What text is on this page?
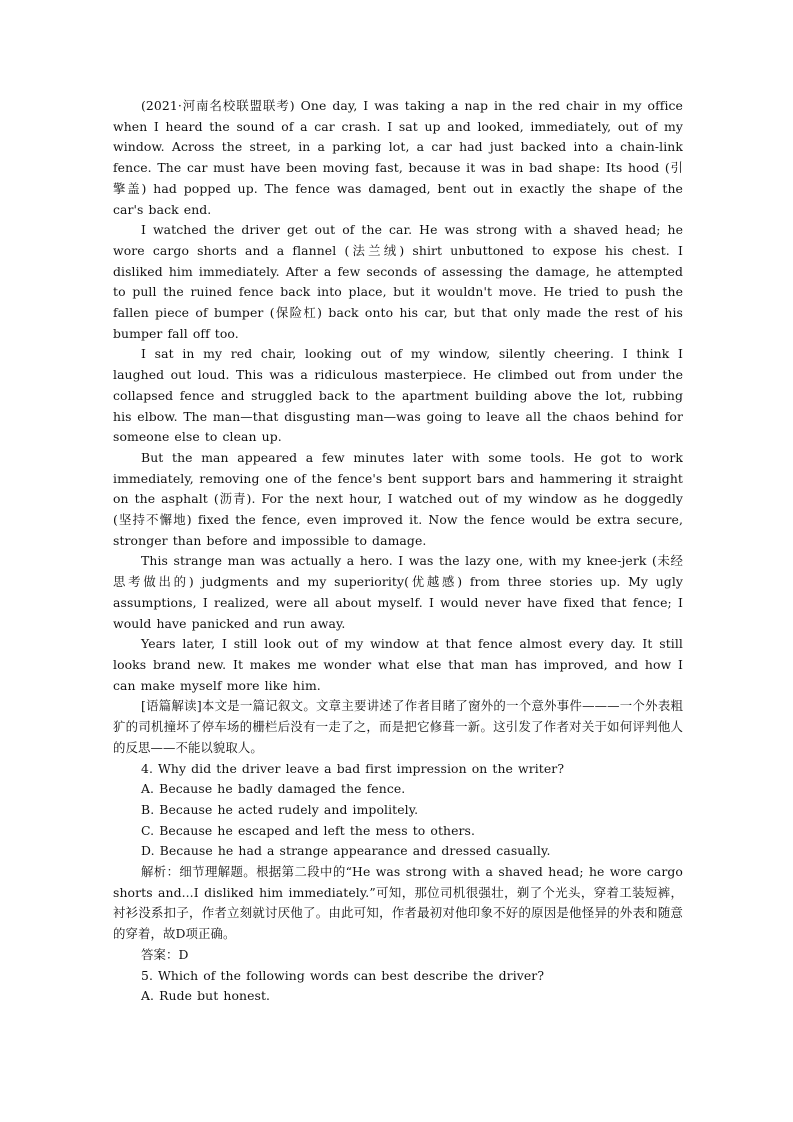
(2021·河南名校联盟联考) One day, I was taking a nap in the red chair in my office when I heard the sound of a car crash. I sat up and looked, immediately, out of my window. Across the street, in a parking lot, a car had just backed into a chain-link fence. The car must have been moving fast, because it was in bad shape: Its hood (引擎盖) had popped up. The fence was damaged, bent out in exactly the shape of the car's back end.

I watched the driver get out of the car. He was strong with a shaved head; he wore cargo shorts and a flannel (法兰绒) shirt unbuttoned to expose his chest. I disliked him immediately. After a few seconds of assessing the damage, he attempted to pull the ruined fence back into place, but it wouldn't move. He tried to push the fallen piece of bumper (保险杠) back onto his car, but that only made the rest of his bumper fall off too.

I sat in my red chair, looking out of my window, silently cheering. I think I laughed out loud. This was a ridiculous masterpiece. He climbed out from under the collapsed fence and struggled back to the apartment building above the lot, rubbing his elbow. The man—that disgusting man—was going to leave all the chaos behind for someone else to clean up.

But the man appeared a few minutes later with some tools. He got to work immediately, removing one of the fence's bent support bars and hammering it straight on the asphalt (沥青). For the next hour, I watched out of my window as he doggedly (坚持不懈地) fixed the fence, even improved it. Now the fence would be extra secure, stronger than before and impossible to damage.

This strange man was actually a hero. I was the lazy one, with my knee-jerk (未经思考做出的) judgments and my superiority(优越感) from three stories up. My ugly assumptions, I realized, were all about myself. I would never have fixed that fence; I would have panicked and run away.

Years later, I still look out of my window at that fence almost every day. It still looks brand new. It makes me wonder what else that man has improved, and how I can make myself more like him.

[语篇解读]本文是一篇记叙文。文章主要讲述了作者目睹了窗外的一个意外事件———一个外表粗犷的司机撞坏了停车场的栅栏后没有一走了之，而是把它修葺一新。这引发了作者对关于如何评判他人的反思——不能以貌取人。

4. Why did the driver leave a bad first impression on the writer?

A. Because he badly damaged the fence.

B. Because he acted rudely and impolitely.

C. Because he escaped and left the mess to others.

D. Because he had a strange appearance and dressed casually.

解析：细节理解题。根据第二段中的“He was strong with a shaved head; he wore cargo shorts and...I disliked him immediately.”可知，那位司机很强壮，剃了个光头，穿着工装短裤，衬衫没系扣子，作者立刻就讨厌他了。由此可知，作者最初对他印象不好的原因是他怪异的外表和随意的穿着，故D项正确。

答案：D

5. Which of the following words can best describe the driver?

A. Rude but honest.
